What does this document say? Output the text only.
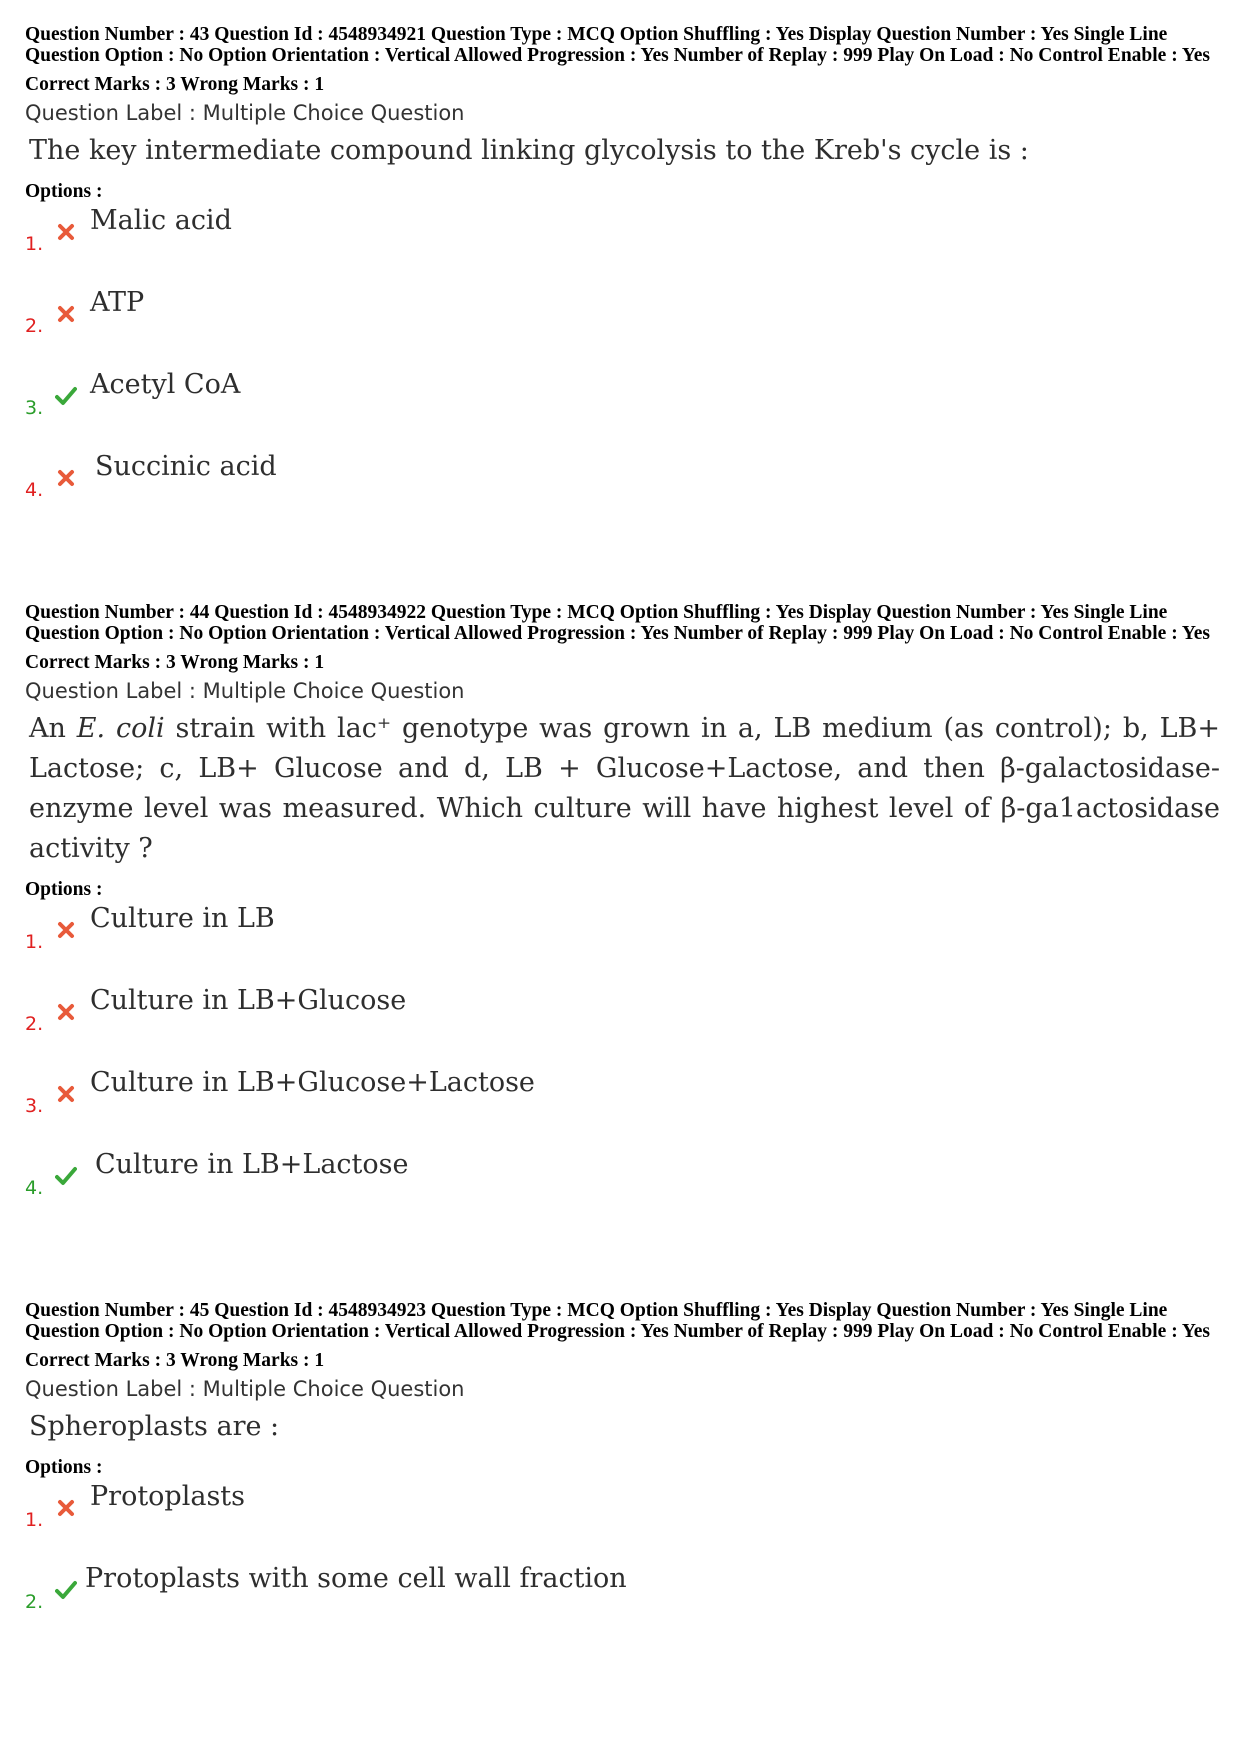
Question Number : 43 Question Id : 4548934921 Question Type : MCQ Option Shuffling : Yes Display Question Number : Yes Single Line Question Option : No Option Orientation : Vertical Allowed Progression : Yes Number of Replay : 999 Play On Load : No Control Enable : Yes
Correct Marks : 3 Wrong Marks : 1
Question Label : Multiple Choice Question
The key intermediate compound linking glycolysis to the Kreb's cycle is :
Options :
1.
Malic acid
2.
ATP
3.
Acetyl CoA
4.
Succinic acid
Question Number : 44 Question Id : 4548934922 Question Type : MCQ Option Shuffling : Yes Display Question Number : Yes Single Line Question Option : No Option Orientation : Vertical Allowed Progression : Yes Number of Replay : 999 Play On Load : No Control Enable : Yes
Correct Marks : 3 Wrong Marks : 1
Question Label : Multiple Choice Question
An E. coli strain with lac⁺ genotype was grown in a, LB medium (as control); b, LB+ Lactose; c, LB+ Glucose and d, LB + Glucose+Lactose, and then β-galactosidase-enzyme level was measured. Which culture will have highest level of β-ga1actosidase activity ?
Options :
1.
Culture in LB
2.
Culture in LB+Glucose
3.
Culture in LB+Glucose+Lactose
4.
Culture in LB+Lactose
Question Number : 45 Question Id : 4548934923 Question Type : MCQ Option Shuffling : Yes Display Question Number : Yes Single Line Question Option : No Option Orientation : Vertical Allowed Progression : Yes Number of Replay : 999 Play On Load : No Control Enable : Yes
Correct Marks : 3 Wrong Marks : 1
Question Label : Multiple Choice Question
Spheroplasts are :
Options :
1.
Protoplasts
2.
Protoplasts with some cell wall fraction
